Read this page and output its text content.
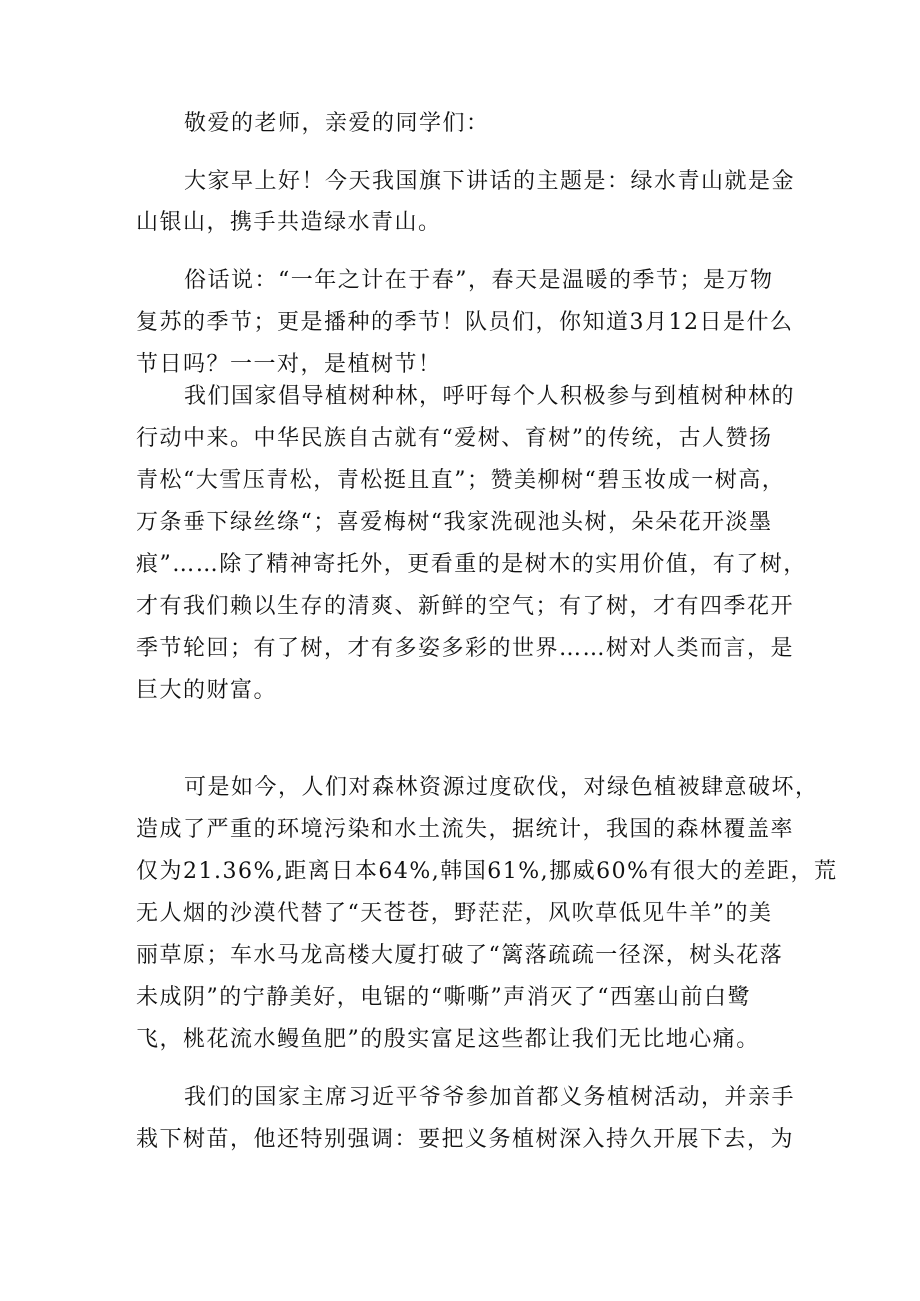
敬爱的老师，亲爱的同学们：

大家早上好！今天我国旗下讲话的主题是：绿水青山就是金

山银山，携手共造绿水青山。

俗话说：“一年之计在于春”，春天是温暖的季节；是万物

复苏的季节；更是播种的季节！队员们，你知道3月12日是什么

节日吗？一一对，是植树节！

我们国家倡导植树种林，呼吁每个人积极参与到植树种林的

行动中来。中华民族自古就有“爱树、育树”的传统，古人赞扬

青松“大雪压青松，青松挺且直”；赞美柳树“碧玉妆成一树高，

万条垂下绿丝绦“；喜爱梅树“我家洗砚池头树，朵朵花开淡墨

痕”……除了精神寄托外，更看重的是树木的实用价值，有了树，

才有我们赖以生存的清爽、新鲜的空气；有了树，才有四季花开

季节轮回；有了树，才有多姿多彩的世界……树对人类而言，是

巨大的财富。

可是如今，人们对森林资源过度砍伐，对绿色植被肆意破坏，

造成了严重的环境污染和水土流失，据统计，我国的森林覆盖率

仅为21.36%,距离日本64%,韩国61%,挪威60%有很大的差距，荒

无人烟的沙漠代替了“天苍苍，野茫茫，风吹草低见牛羊”的美

丽草原；车水马龙高楼大厦打破了“篱落疏疏一径深，树头花落

未成阴”的宁静美好，电锯的“嘶嘶”声消灭了“西塞山前白鹭

飞，桃花流水鳗鱼肥”的殷实富足这些都让我们无比地心痛。

我们的国家主席习近平爷爷参加首都义务植树活动，并亲手

栽下树苗，他还特别强调：要把义务植树深入持久开展下去，为
